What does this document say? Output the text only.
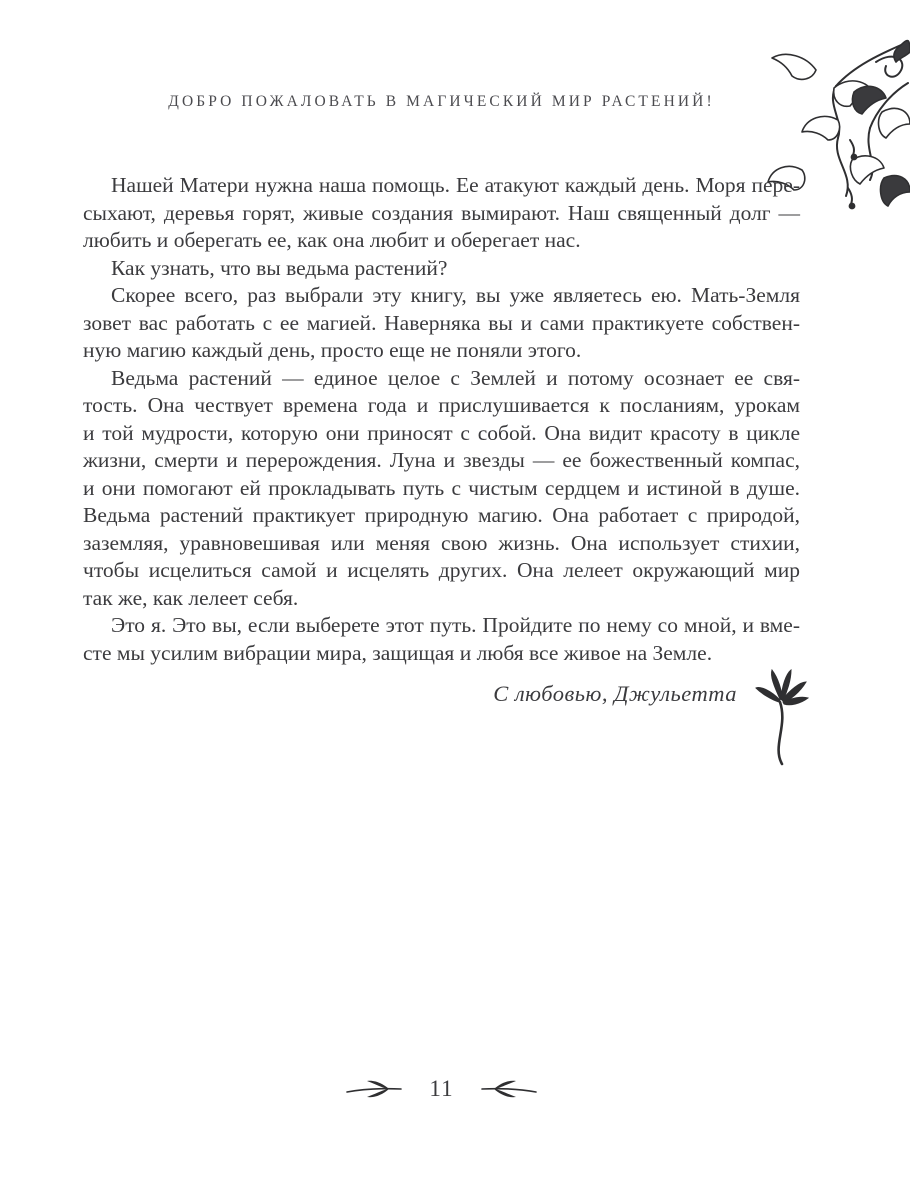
ДОБРО ПОЖАЛОВАТЬ В МАГИЧЕСКИЙ МИР РАСТЕНИЙ!
Нашей Матери нужна наша помощь. Ее атакуют каждый день. Моря пере-
сыхают, деревья горят, живые создания вымирают. Наш священный долг —
любить и оберегать ее, как она любит и оберегает нас.
Как узнать, что вы ведьма растений?
Скорее всего, раз выбрали эту книгу, вы уже являетесь ею. Мать-Земля
зовет вас работать с ее магией. Наверняка вы и сами практикуете собствен-
ную магию каждый день, просто еще не поняли этого.
Ведьма растений — единое целое с Землей и потому осознает ее свя-
тость. Она чествует времена года и прислушивается к посланиям, урокам
и той мудрости, которую они приносят с собой. Она видит красоту в цикле
жизни, смерти и перерождения. Луна и звезды — ее божественный компас,
и они помогают ей прокладывать путь с чистым сердцем и истиной в душе.
Ведьма растений практикует природную магию. Она работает с природой,
заземляя, уравновешивая или меняя свою жизнь. Она использует стихии,
чтобы исцелиться самой и исцелять других. Она лелеет окружающий мир
так же, как лелеет себя.
Это я. Это вы, если выберете этот путь. Пройдите по нему со мной, и вме-
сте мы усилим вибрации мира, защищая и любя все живое на Земле.
С любовью, Джульетта
11
